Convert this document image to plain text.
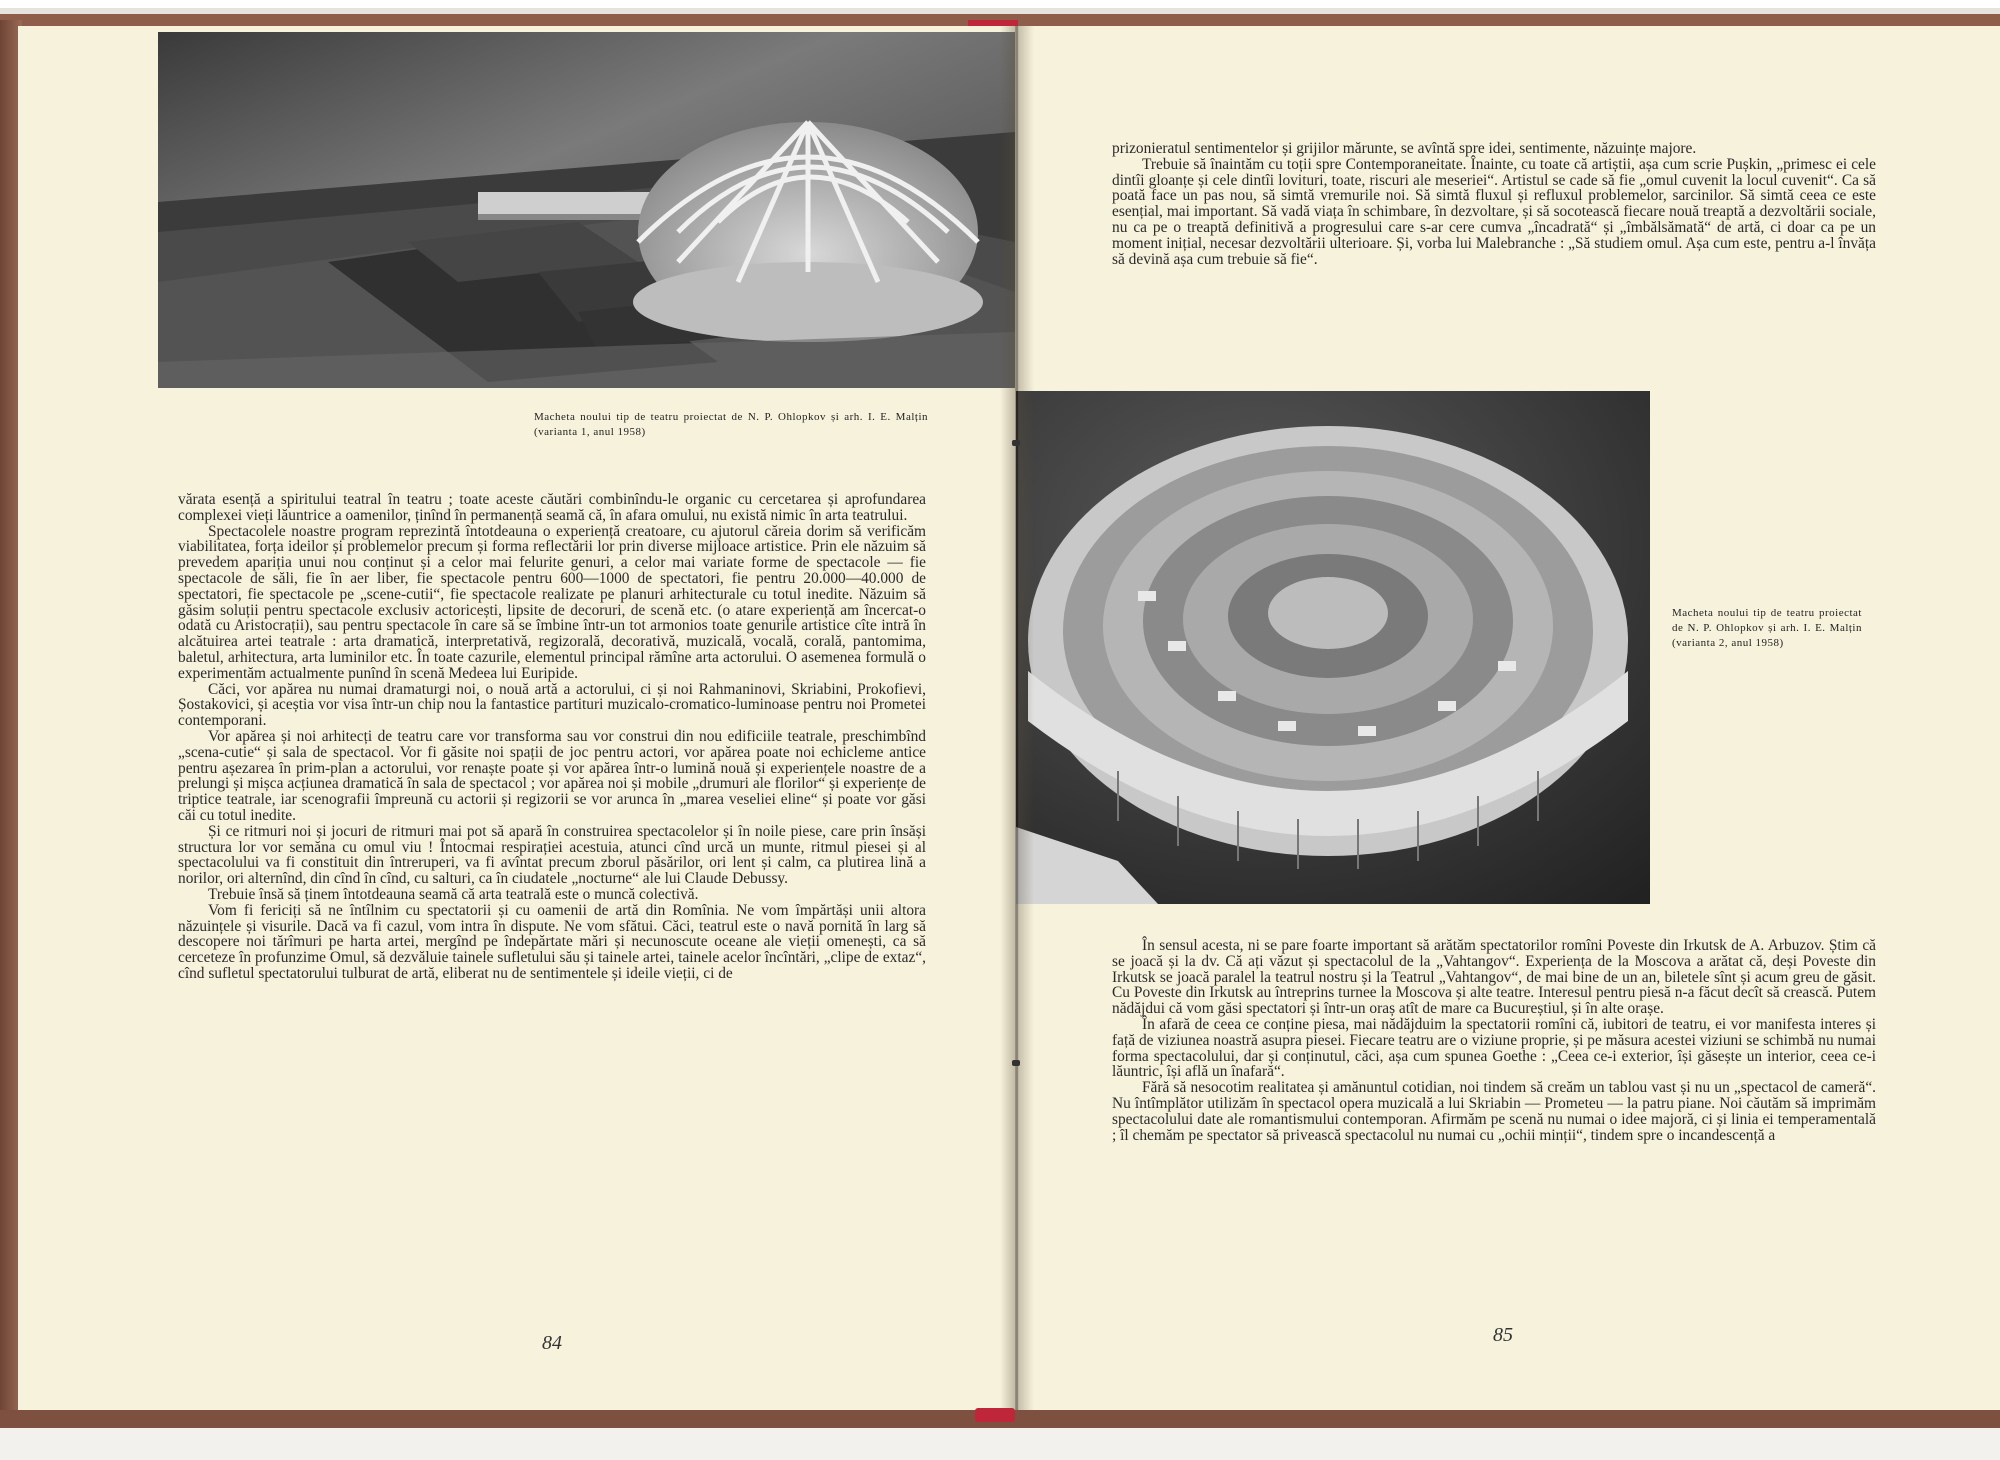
Macheta noului tip de teatru proiectat de N. P. Ohlopkov și arh. I. E. Malțin (varianta 1, anul 1958)

vărata esență a spiritului teatral în teatru ; toate aceste căutări combinîndu-le organic cu cercetarea și aprofundarea complexei vieți lăuntrice a oamenilor, ținînd în permanență seamă că, în afara omului, nu există nimic în arta teatrului.

Spectacolele noastre program reprezintă întotdeauna o experiență creatoare, cu ajutorul căreia dorim să verificăm viabilitatea, forța ideilor și problemelor precum și forma reflectării lor prin diverse mijloace artistice. Prin ele năzuim să prevedem apariția unui nou conținut și a celor mai felurite genuri, a celor mai variate forme de spectacole — fie spectacole de săli, fie în aer liber, fie spectacole pentru 600—1000 de spectatori, fie pentru 20.000—40.000 de spectatori, fie spectacole pe „scene-cutii“, fie spectacole realizate pe planuri arhitecturale cu totul inedite. Năzuim să găsim soluții pentru spectacole exclusiv actoricești, lipsite de decoruri, de scenă etc. (o atare experiență am încercat-o odată cu Aristocrații), sau pentru spectacole în care să se îmbine într-un tot armonios toate genurile artistice cîte intră în alcătuirea artei teatrale : arta dramatică, interpretativă, regizorală, decorativă, muzicală, vocală, corală, pantomima, baletul, arhitectura, arta luminilor etc. În toate cazurile, elementul principal rămîne arta actorului. O asemenea formulă o experimentăm actualmente punînd în scenă Medeea lui Euripide.

Căci, vor apărea nu numai dramaturgi noi, o nouă artă a actorului, ci și noi Rahmaninovi, Skriabini, Prokofievi, Șostakovici, și aceștia vor visa într-un chip nou la fantastice partituri muzicalo-cromatico-luminoase pentru noi Prometei contemporani.

Vor apărea și noi arhitecți de teatru care vor transforma sau vor construi din nou edificiile teatrale, preschimbînd „scena-cutie“ și sala de spectacol. Vor fi găsite noi spații de joc pentru actori, vor apărea poate noi echicleme antice pentru așezarea în prim-plan a actorului, vor renaște poate și vor apărea într-o lumină nouă și experiențele noastre de a prelungi și mișca acțiunea dramatică în sala de spectacol ; vor apărea noi și mobile „drumuri ale florilor“ și experiențe de triptice teatrale, iar scenografii împreună cu actorii și regizorii se vor arunca în „marea veseliei eline“ și poate vor găsi căi cu totul inedite.

Și ce ritmuri noi și jocuri de ritmuri mai pot să apară în construirea spectacolelor și în noile piese, care prin însăși structura lor vor semăna cu omul viu ! Întocmai respirației acestuia, atunci cînd urcă un munte, ritmul piesei și al spectacolului va fi constituit din întreruperi, va fi avîntat precum zborul păsărilor, ori lent și calm, ca plutirea lină a norilor, ori alternînd, din cînd în cînd, cu salturi, ca în ciudatele „nocturne“ ale lui Claude Debussy.

Trebuie însă să ținem întotdeauna seamă că arta teatrală este o muncă colectivă.

Vom fi fericiți să ne întîlnim cu spectatorii și cu oamenii de artă din Romînia. Ne vom împărtăși unii altora năzuințele și visurile. Dacă va fi cazul, vom intra în dispute. Ne vom sfătui. Căci, teatrul este o navă pornită în larg să descopere noi tărîmuri pe harta artei, mergînd pe îndepărtate mări și necunoscute oceane ale vieții omenești, ca să cerceteze în profunzime Omul, să dezvăluie tainele sufletului său și tainele artei, tainele acelor încîntări, „clipe de extaz“, cînd sufletul spectatorului tulburat de artă, eliberat nu de sentimentele și ideile vieții, ci de

84

prizonieratul sentimentelor și grijilor mărunte, se avîntă spre idei, sentimente, năzuințe majore.

Trebuie să înaintăm cu toții spre Contemporaneitate. Înainte, cu toate că artiștii, așa cum scrie Pușkin, „primesc ei cele dintîi gloanțe și cele dintîi lovituri, toate, riscuri ale meseriei“. Artistul se cade să fie „omul cuvenit la locul cuvenit“. Ca să poată face un pas nou, să simtă vremurile noi. Să simtă fluxul și refluxul problemelor, sarcinilor. Să simtă ceea ce este esențial, mai important. Să vadă viața în schimbare, în dezvoltare, și să socotească fiecare nouă treaptă a dezvoltării sociale, nu ca pe o treaptă definitivă a progresului care s-ar cere cumva „încadrată“ și „îmbălsămată“ de artă, ci doar ca pe un moment inițial, necesar dezvoltării ulterioare. Și, vorba lui Malebranche : „Să studiem omul. Așa cum este, pentru a-l învăța să devină așa cum trebuie să fie“.

Macheta noului tip de teatru proiectat de N. P. Ohlopkov și arh. I. E. Malțin (varianta 2, anul 1958)

În sensul acesta, ni se pare foarte important să arătăm spectatorilor romîni Poveste din Irkutsk de A. Arbuzov. Știm că se joacă și la dv. Că ați văzut și spectacolul de la „Vahtangov“. Experiența de la Moscova a arătat că, deși Poveste din Irkutsk se joacă paralel la teatrul nostru și la Teatrul „Vahtangov“, de mai bine de un an, biletele sînt și acum greu de găsit. Cu Poveste din Irkutsk au întreprins turneе la Moscova și alte teatre. Interesul pentru piesă n-a făcut decît să crească. Putem nădăjdui că vom găsi spectatori și într-un oraș atît de mare ca Bucureștiul, și în alte orașe.

În afară de ceea ce conține piesa, mai nădăjduim la spectatorii romîni că, iubitori de teatru, ei vor manifesta interes și față de viziunea noastră asupra piesei. Fiecare teatru are o viziune proprie, și pe măsura acestei viziuni se schimbă nu numai forma spectacolului, dar și conținutul, căci, așa cum spunea Goethe : „Ceea ce-i exterior, își găsește un interior, ceea ce-i lăuntric, își află un înafară“.

Fără să nesocotim realitatea și amănuntul cotidian, noi tindem să creăm un tablou vast și nu un „spectacol de cameră“. Nu întîmplător utilizăm în spectacol opera muzicală a lui Skriabin — Prometeu — la patru piane. Noi căutăm să imprimăm spectacolului date ale romantismului contemporan. Afirmăm pe scenă nu numai o idee majoră, ci și linia ei temperamentală ; îl chemăm pe spectator să privească spectacolul nu numai cu „ochii minții“, tindem spre o incandescență a

85
